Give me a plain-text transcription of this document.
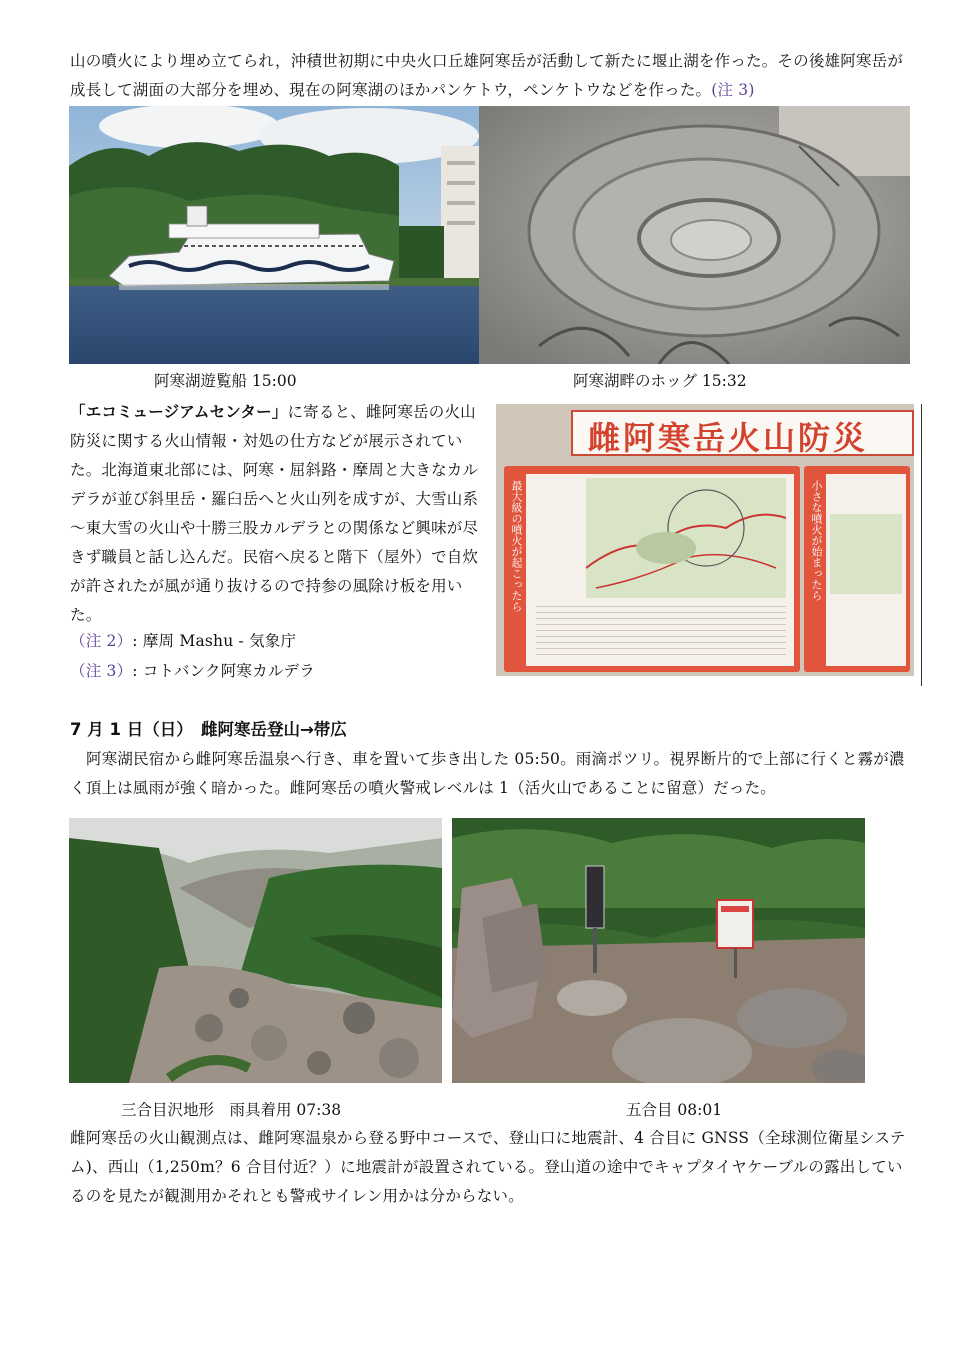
山の噴火により埋め立てられ，沖積世初期に中央火口丘雄阿寒岳が活動して新たに堰止湖を作った。その後雄阿寒岳が成長して湖面の大部分を埋め、現在の阿寒湖のほかパンケトウ，ペンケトウなどを作った。(注 3)

阿寒湖遊覧船 15:00	阿寒湖畔のホッグ 15:32

「エコミュージアムセンター」に寄ると、雌阿寒岳の火山防災に関する火山情報・対処の仕方などが展示されていた。北海道東北部には、阿寒・屈斜路・摩周と大きなカルデラが並び斜里岳・羅臼岳へと火山列を成すが、大雪山系～東大雪の火山や十勝三股カルデラとの関係など興味が尽きず職員と話し込んだ。民宿へ戻ると階下（屋外）で自炊が許されたが風が通り抜けるので持参の風除け板を用いた。

（注 2）: 摩周 Mashu - 気象庁
（注 3）: コトバンク阿寒カルデラ
雌阿寒岳火山防災
最大級の噴火が起こったら	小さな噴火が始まったら
7 月 1 日（日）　雌阿寒岳登山→帯広

阿寒湖民宿から雌阿寒岳温泉へ行き、車を置いて歩き出した 05:50。雨滴ポツリ。視界断片的で上部に行くと霧が濃く頂上は風雨が強く暗かった。雌阿寒岳の噴火警戒レベルは 1（活火山であることに留意）だった。

三合目沢地形　雨具着用 07:38	五合目 08:01

雌阿寒岳の火山観測点は、雌阿寒温泉から登る野中コースで、登山口に地震計、4 合目に GNSS（全球測位衛星システム)、西山（1,250m？6 合目付近？）に地震計が設置されている。登山道の途中でキャプタイヤケーブルの露出しているのを見たが観測用かそれとも警戒サイレン用かは分からない。
